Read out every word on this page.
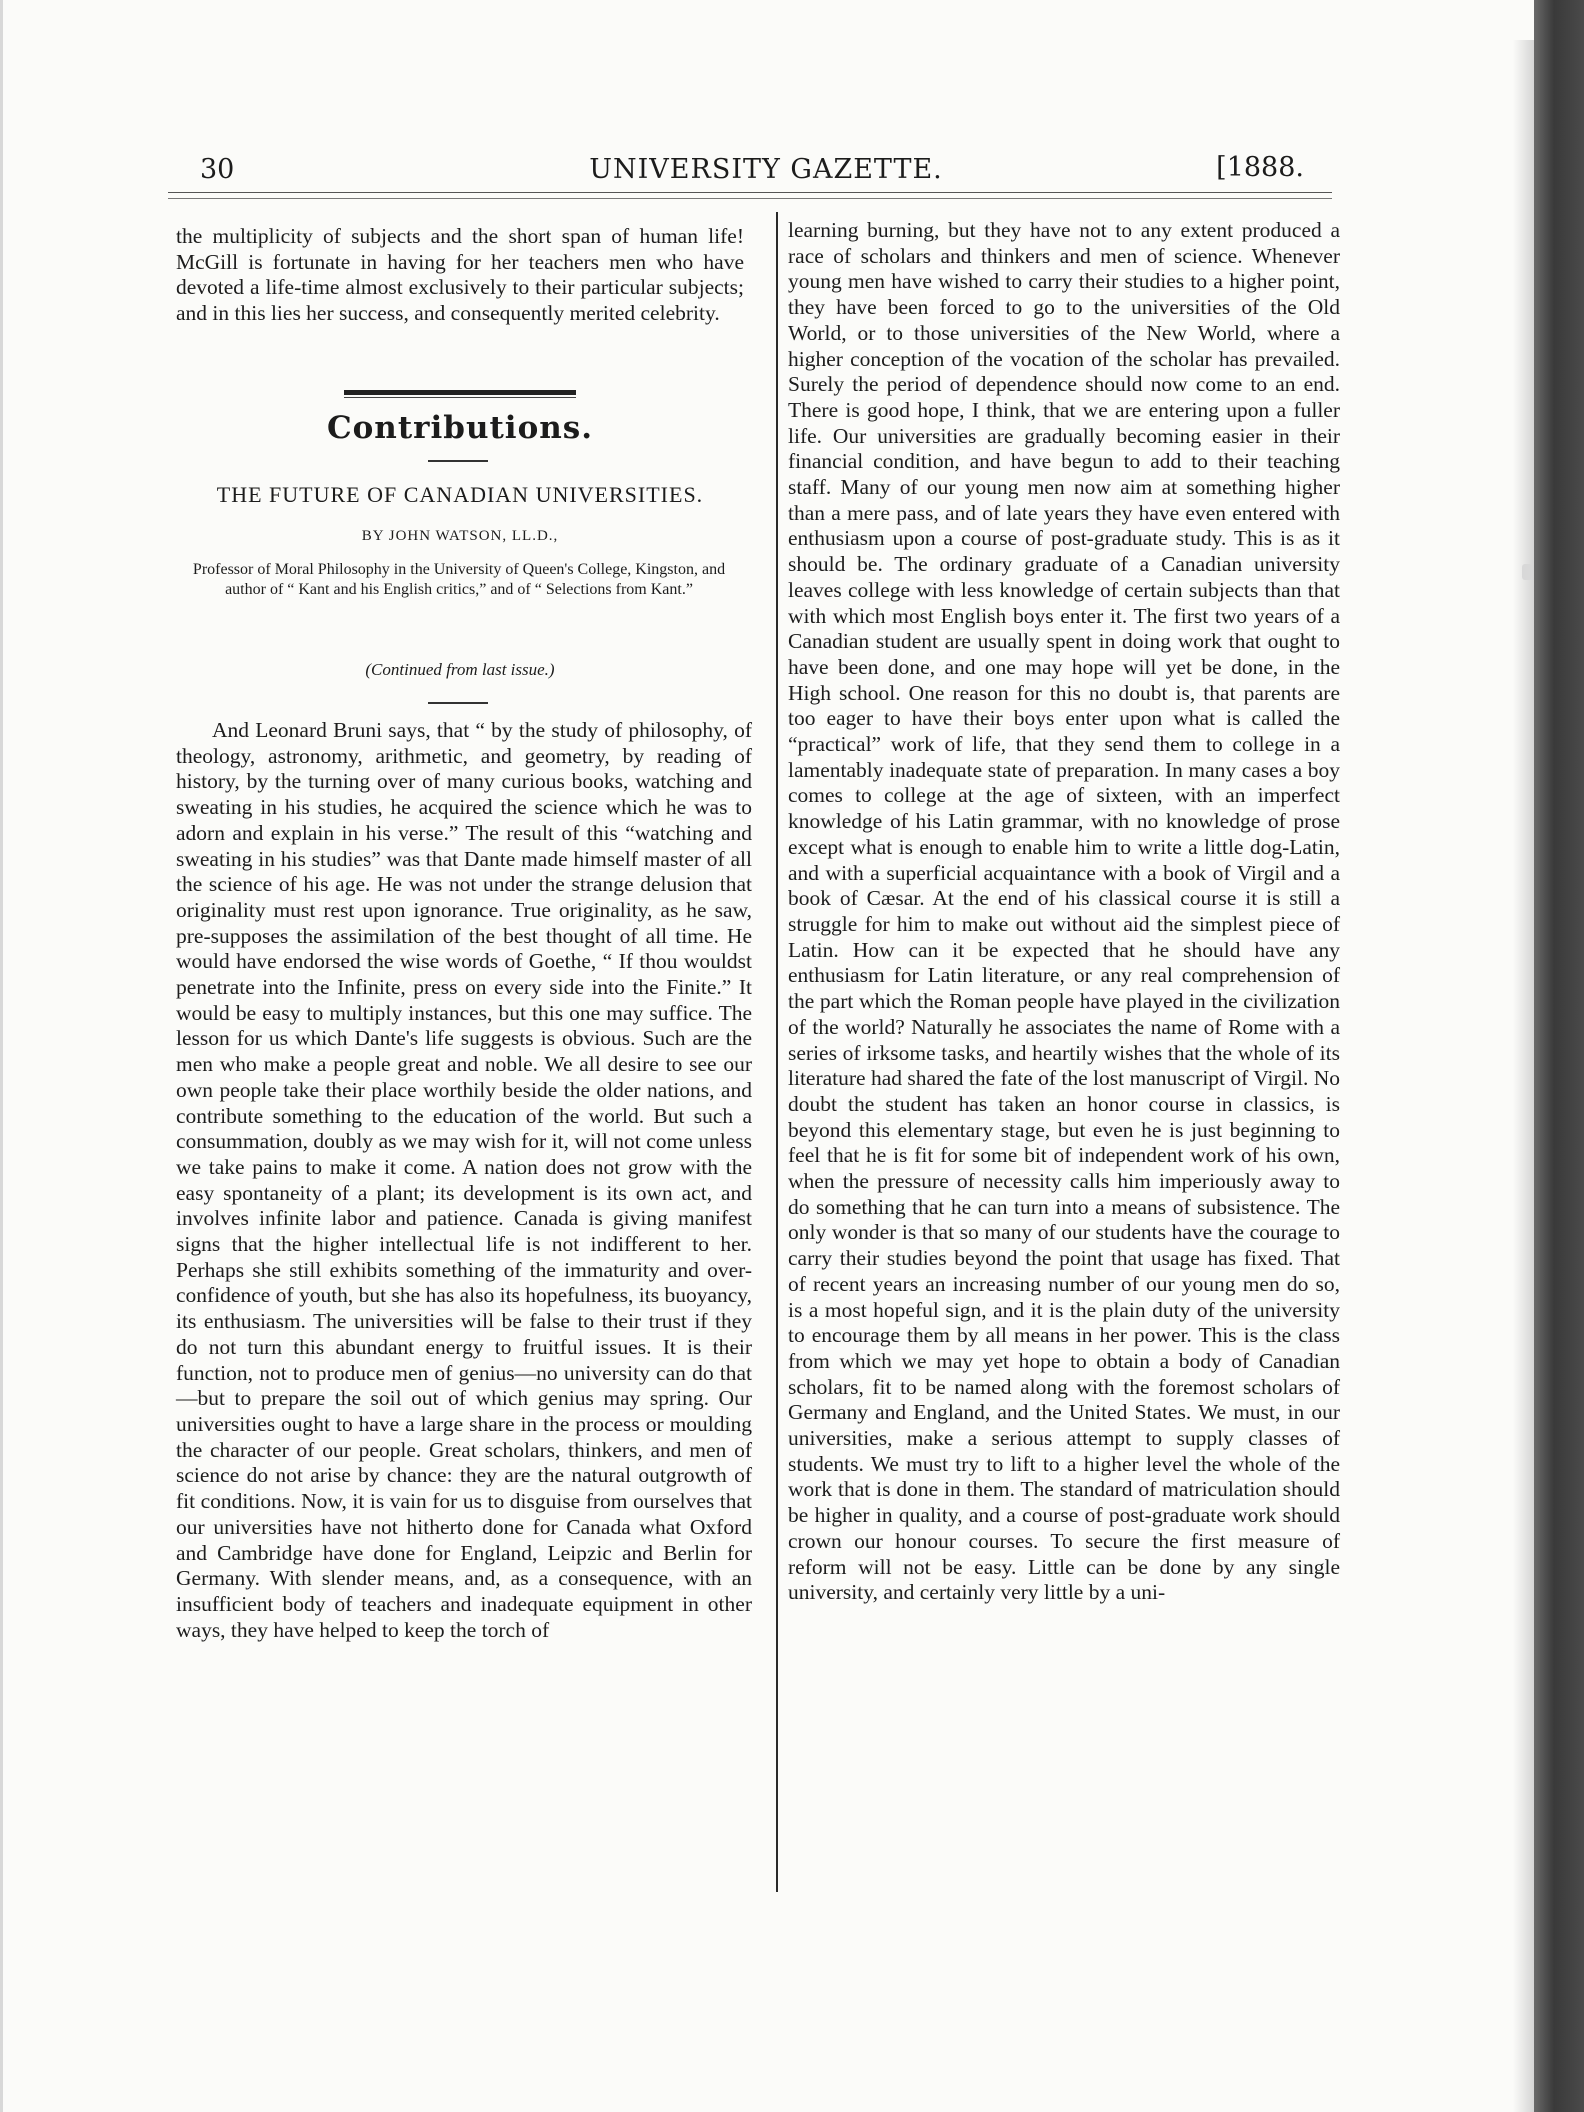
30	UNIVERSITY GAZETTE.	[1888.

the multiplicity of subjects and the short span of human life! McGill is fortunate in having for her teachers men who have devoted a life-time almost exclusively to their particular subjects; and in this lies her success, and consequently merited celebrity.

Contributions.
THE FUTURE OF CANADIAN UNIVERSITIES.
BY JOHN WATSON, LL.D.,
Professor of Moral Philosophy in the University of Queen's College, Kingston, and author of “ Kant and his English critics,” and of “ Selections from Kant.”
(Continued from last issue.)

And Leonard Bruni says, that “ by the study of philosophy, of theology, astronomy, arithmetic, and geometry, by reading of history, by the turning over of many curious books, watching and sweating in his studies, he acquired the science which he was to adorn and explain in his verse.” The result of this “watching and sweating in his studies” was that Dante made himself master of all the science of his age. He was not under the strange delusion that originality must rest upon ignorance. True originality, as he saw, pre-supposes the assimilation of the best thought of all time. He would have endorsed the wise words of Goethe, “ If thou wouldst penetrate into the Infinite, press on every side into the Finite.” It would be easy to multiply instances, but this one may suffice. The lesson for us which Dante's life suggests is obvious. Such are the men who make a people great and noble. We all desire to see our own people take their place worthily beside the older nations, and contribute something to the education of the world. But such a consummation, doubly as we may wish for it, will not come unless we take pains to make it come. A nation does not grow with the easy spontaneity of a plant; its development is its own act, and involves infinite labor and patience. Canada is giving manifest signs that the higher intellectual life is not indifferent to her. Perhaps she still exhibits something of the immaturity and over-confidence of youth, but she has also its hopefulness, its buoyancy, its enthusiasm. The universities will be false to their trust if they do not turn this abundant energy to fruitful issues. It is their function, not to produce men of genius—no university can do that—but to prepare the soil out of which genius may spring. Our universities ought to have a large share in the process or moulding the character of our people. Great scholars, thinkers, and men of science do not arise by chance: they are the natural outgrowth of fit conditions. Now, it is vain for us to disguise from ourselves that our universities have not hitherto done for Canada what Oxford and Cambridge have done for England, Leipzic and Berlin for Germany. With slender means, and, as a consequence, with an insufficient body of teachers and inadequate equipment in other ways, they have helped to keep the torch of

learning burning, but they have not to any extent produced a race of scholars and thinkers and men of science. Whenever young men have wished to carry their studies to a higher point, they have been forced to go to the universities of the Old World, or to those universities of the New World, where a higher conception of the vocation of the scholar has prevailed. Surely the period of dependence should now come to an end. There is good hope, I think, that we are entering upon a fuller life. Our universities are gradually becoming easier in their financial condition, and have begun to add to their teaching staff. Many of our young men now aim at something higher than a mere pass, and of late years they have even entered with enthusiasm upon a course of post-graduate study. This is as it should be. The ordinary graduate of a Canadian university leaves college with less knowledge of certain subjects than that with which most English boys enter it. The first two years of a Canadian student are usually spent in doing work that ought to have been done, and one may hope will yet be done, in the High school. One reason for this no doubt is, that parents are too eager to have their boys enter upon what is called the “practical” work of life, that they send them to college in a lamentably inadequate state of preparation. In many cases a boy comes to college at the age of sixteen, with an imperfect knowledge of his Latin grammar, with no knowledge of prose except what is enough to enable him to write a little dog-Latin, and with a superficial acquaintance with a book of Virgil and a book of Cæsar. At the end of his classical course it is still a struggle for him to make out without aid the simplest piece of Latin. How can it be expected that he should have any enthusiasm for Latin literature, or any real comprehension of the part which the Roman people have played in the civilization of the world? Naturally he associates the name of Rome with a series of irksome tasks, and heartily wishes that the whole of its literature had shared the fate of the lost manuscript of Virgil. No doubt the student has taken an honor course in classics, is beyond this elementary stage, but even he is just beginning to feel that he is fit for some bit of independent work of his own, when the pressure of necessity calls him imperiously away to do something that he can turn into a means of subsistence. The only wonder is that so many of our students have the courage to carry their studies beyond the point that usage has fixed. That of recent years an increasing number of our young men do so, is a most hopeful sign, and it is the plain duty of the university to encourage them by all means in her power. This is the class from which we may yet hope to obtain a body of Canadian scholars, fit to be named along with the foremost scholars of Germany and England, and the United States. We must, in our universities, make a serious attempt to supply classes of students. We must try to lift to a higher level the whole of the work that is done in them. The standard of matriculation should be higher in quality, and a course of post-graduate work should crown our honour courses. To secure the first measure of reform will not be easy. Little can be done by any single university, and certainly very little by a uni-
